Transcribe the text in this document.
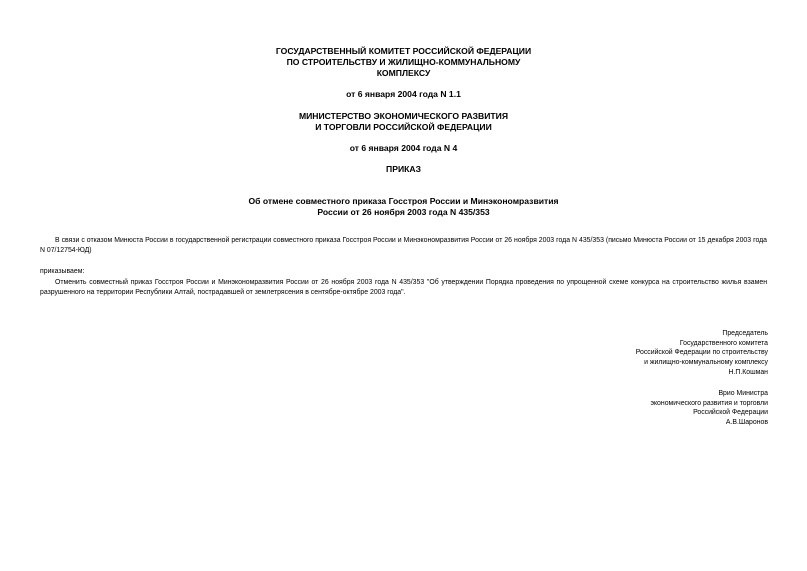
ГОСУДАРСТВЕННЫЙ КОМИТЕТ РОССИЙСКОЙ ФЕДЕРАЦИИ
ПО СТРОИТЕЛЬСТВУ И ЖИЛИЩНО-КОММУНАЛЬНОМУ
КОМПЛЕКСУ
от 6 января 2004 года N 1.1
МИНИСТЕРСТВО ЭКОНОМИЧЕСКОГО РАЗВИТИЯ
И ТОРГОВЛИ РОССИЙСКОЙ ФЕДЕРАЦИИ
от 6 января 2004 года N 4
ПРИКАЗ
Об отмене совместного приказа Госстроя России и Минэкономразвития
России от 26 ноября 2003 года N 435/353
В связи с отказом Минюста России в государственной регистрации совместного приказа Госстроя России и Минэкономразвития России от 26 ноября 2003 года N 435/353 (письмо Минюста России от 15 декабря 2003 года N 07/12754-ЮД)
приказываем:
Отменить совместный приказ Госстроя России и Минэкономразвития России от 26 ноября 2003 года N 435/353 "Об утверждении Порядка проведения по упрощенной схеме конкурса на строительство жилья взамен разрушенного на территории Республики Алтай, пострадавшей от землетрясения в сентябре-октябре 2003 года".
Председатель
Государственного комитета
Российской Федерации по строительству
и жилищно-коммунальному комплексу
Н.П.Кошман
Врио Министра
экономического развития и торговли
Российской Федерации
А.В.Шаронов
